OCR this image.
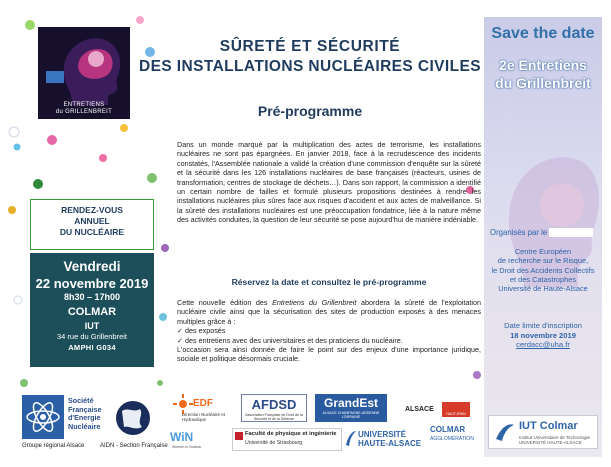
ENTRETIENS
du GRILLENBREIT
SÛRETÉ ET SÉCURITÉ
DES INSTALLATIONS NUCLÉAIRES CIVILES
Pré-programme
Dans un monde marqué par la multiplication des actes de terrorisme, les installations nucléaires ne sont pas épargnées. En janvier 2018, face à la recrudescence des incidents constatés, l'Assemblée nationale a validé la création d'une commission d'enquête sur la sûreté et la sécurité dans les 126 installations nucléaires de base françaises (réacteurs, usines de transformation, centres de stockage de déchets…). Dans son rapport, la commission a identifié un certain nombre de failles et formulé plusieurs propositions destinées à rendre les installations nucléaires plus sûres face aux risques d'accident et aux actes de malveillance. Si la sûreté des installations nucléaires est une préoccupation fondatrice, liée à la nature même des activités conduites, la question de leur sécurité se pose aujourd'hui de manière indéniable.
Réservez la date et consultez le pré-programme

Cette nouvelle édition des Entretiens du Grillenbreit abordera la sûreté de l'exploitation nucléaire civile ainsi que la sécurisation des sites de production exposés à des menaces multiples grâce à :

✓ des exposés
✓ des entretiens avec des universitaires et des praticiens du nucléaire.

L'occasion sera ainsi donnée de faire le point sur des enjeux d'une importance juridique, sociale et politique désormais cruciale.

RENDEZ-VOUS
ANNUEL
DU NUCLÉAIRE
Vendredi
22 novembre 2019
8h30 – 17h00
COLMAR
IUT
34 rue du Grillenbreit
AMPHI G034
Save the date
2e Entretiens
du Grillenbreit
Organisés par le
Centre Européen
de recherche sur le Risque,
le Droit des Accidents Collectifs
et des Catastrophes
Université de Haute-Alsace
Date limite d'inscription
18 novembre 2019
cerdacc@uha.fr
IUT Colmar
Institut Universitaire de Technologie UNIVERSITÉ HAUTE-ALSACE
Société
Française
d'Energie
Nucléaire
Groupe régional Alsace	AIDN - Section Française
EDF
Direction Nucléaire et Hydraulique
AFDSD
Association Française de Droit de la Sécurité et de la Défense
GrandEst
ALSACE CHAMPAGNE-ARDENNE LORRAINE
ALSACE
HAUT-RHIN
WiN
Women in Nuclear
Faculté de physique et ingénierie
Université de Strasbourg
UNIVERSITÉ
HAUTE-ALSACE
COLMAR
AGGLOMÉRATION
